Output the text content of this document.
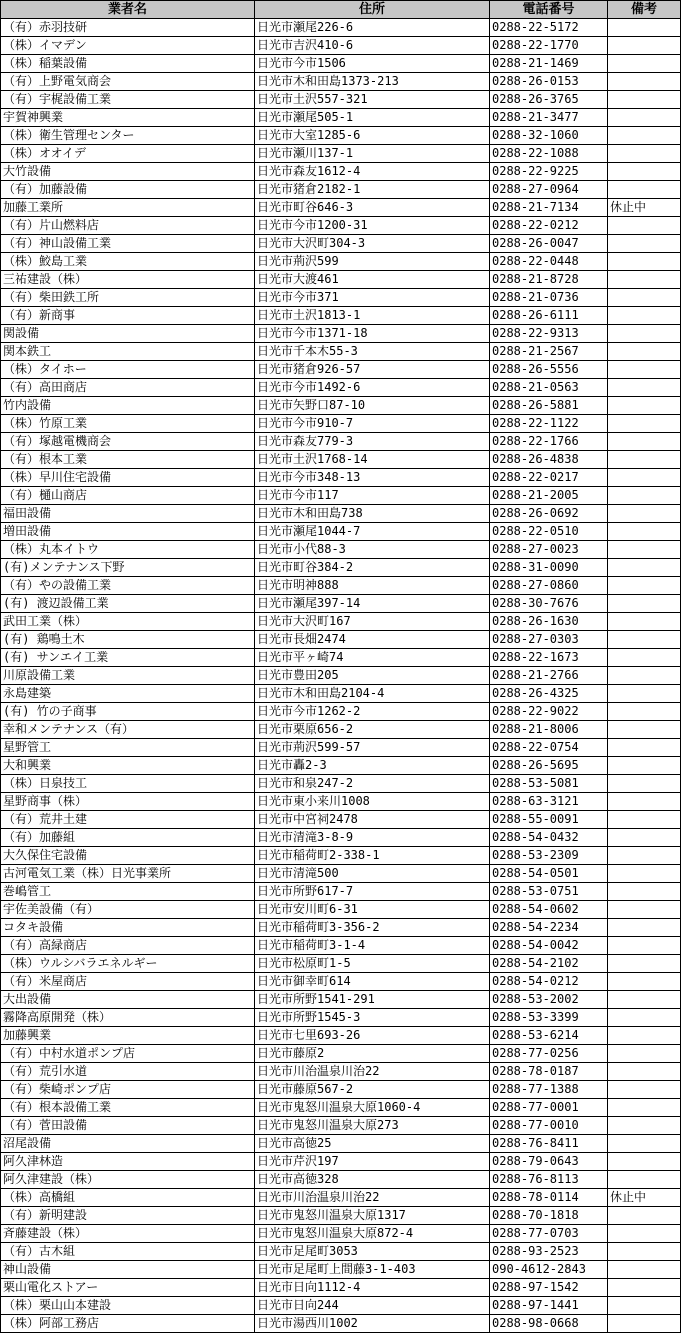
業者名	住所	電話番号	備考
（有）赤羽技研	日光市瀬尾226-6	0288-22-5172	
（株）イマデン	日光市吉沢410-6	0288-22-1770	
（株）稲葉設備	日光市今市1506	0288-21-1469	
（有）上野電気商会	日光市木和田島1373-213	0288-26-0153	
（有）宇梶設備工業	日光市土沢557-321	0288-26-3765	
宇賀神興業	日光市瀬尾505-1	0288-21-3477	
（株）衛生管理センター	日光市大室1285-6	0288-32-1060	
（株）オオイデ	日光市瀬川137-1	0288-22-1088	
大竹設備	日光市森友1612-4	0288-22-9225	
（有）加藤設備	日光市猪倉2182-1	0288-27-0964	
加藤工業所	日光市町谷646-3	0288-21-7134	休止中
（有）片山燃料店	日光市今市1200-31	0288-22-0212	
（有）神山設備工業	日光市大沢町304-3	0288-26-0047	
（株）鮫島工業	日光市荊沢599	0288-22-0448	
三祐建設（株）	日光市大渡461	0288-21-8728	
（有）柴田鉄工所	日光市今市371	0288-21-0736	
（有）新商事	日光市土沢1813-1	0288-26-6111	
関設備	日光市今市1371-18	0288-22-9313	
関本鉄工	日光市千本木55-3	0288-21-2567	
（株）タイホー	日光市猪倉926-57	0288-26-5556	
（有）高田商店	日光市今市1492-6	0288-21-0563	
竹内設備	日光市矢野口87-10	0288-26-5881	
（株）竹原工業	日光市今市910-7	0288-22-1122	
（有）塚越電機商会	日光市森友779-3	0288-22-1766	
（有）根本工業	日光市土沢1768-14	0288-26-4838	
（株）早川住宅設備	日光市今市348-13	0288-22-0217	
（有）樋山商店	日光市今市117	0288-21-2005	
福田設備	日光市木和田島738	0288-26-0692	
増田設備	日光市瀬尾1044-7	0288-22-0510	
（株）丸本イトウ	日光市小代88-3	0288-27-0023	
(有)メンテナンス下野	日光市町谷384-2	0288-31-0090	
（有）やの設備工業	日光市明神888	0288-27-0860	
(有) 渡辺設備工業	日光市瀬尾397-14	0288-30-7676	
武田工業（株）	日光市大沢町167	0288-26-1630	
(有) 鶏鳴土木	日光市長畑2474	0288-27-0303	
(有) サンエイ工業	日光市平ヶ崎74	0288-22-1673	
川原設備工業	日光市豊田205	0288-21-2766	
永島建築	日光市木和田島2104-4	0288-26-4325	
(有) 竹の子商事	日光市今市1262-2	0288-22-9022	
幸和メンテナンス（有）	日光市栗原656-2	0288-21-8006	
星野管工	日光市荊沢599-57	0288-22-0754	
大和興業	日光市轟2-3	0288-26-5695	
（株）日泉技工	日光市和泉247-2	0288-53-5081	
星野商事（株）	日光市東小来川1008	0288-63-3121	
（有）荒井土建	日光市中宮祠2478	0288-55-0091	
（有）加藤組	日光市清滝3-8-9	0288-54-0432	
大久保住宅設備	日光市稲荷町2-338-1	0288-53-2309	
古河電気工業（株）日光事業所	日光市清滝500	0288-54-0501	
巻嶋管工	日光市所野617-7	0288-53-0751	
宇佐美設備（有）	日光市安川町6-31	0288-54-0602	
コタキ設備	日光市稲荷町3-356-2	0288-54-2234	
（有）高緑商店	日光市稲荷町3-1-4	0288-54-0042	
（株）ウルシバラエネルギー	日光市松原町1-5	0288-54-2102	
（有）米屋商店	日光市御幸町614	0288-54-0212	
大出設備	日光市所野1541-291	0288-53-2002	
霧降高原開発（株）	日光市所野1545-3	0288-53-3399	
加藤興業	日光市七里693-26	0288-53-6214	
（有）中村水道ポンプ店	日光市藤原2	0288-77-0256	
（有）荒引水道	日光市川治温泉川治22	0288-78-0187	
（有）柴崎ポンプ店	日光市藤原567-2	0288-77-1388	
（有）根本設備工業	日光市鬼怒川温泉大原1060-4	0288-77-0001	
（有）菅田設備	日光市鬼怒川温泉大原273	0288-77-0010	
沼尾設備	日光市高徳25	0288-76-8411	
阿久津林造	日光市芹沢197	0288-79-0643	
阿久津建設（株）	日光市高徳328	0288-76-8113	
（株）高橋組	日光市川治温泉川治22	0288-78-0114	休止中
（有）新明建設	日光市鬼怒川温泉大原1317	0288-70-1818	
斉藤建設（株）	日光市鬼怒川温泉大原872-4	0288-77-0703	
（有）古木組	日光市足尾町3053	0288-93-2523	
神山設備	日光市足尾町上間藤3-1-403	090-4612-2843	
栗山電化ストアー	日光市日向1112-4	0288-97-1542	
（株）栗山山本建設	日光市日向244	0288-97-1441	
（株）阿部工務店	日光市湯西川1002	0288-98-0668	
